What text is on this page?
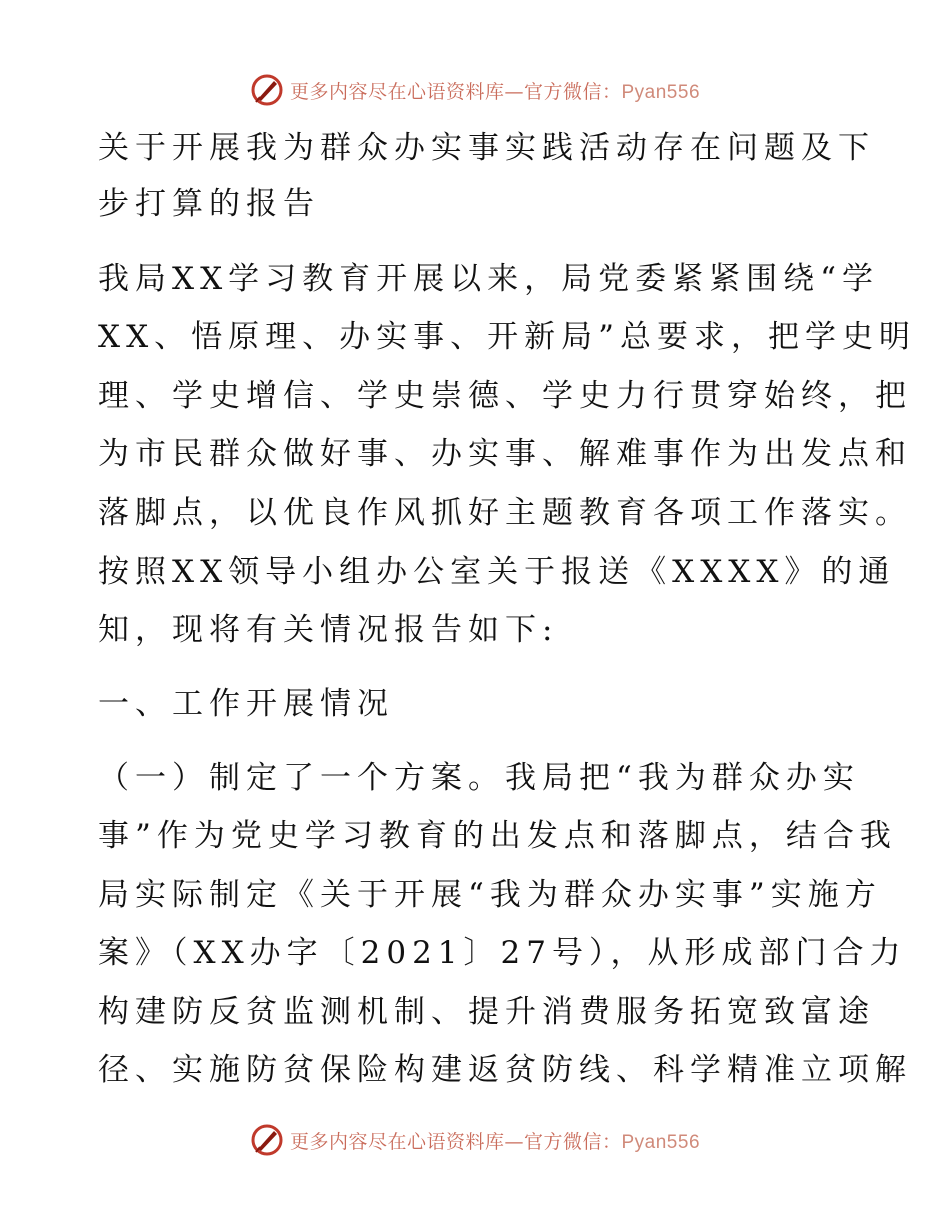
更多内容尽在心语资料库—官方微信：Pyan556
关于开展我为群众办实事实践活动存在问题及下
步打算的报告
我局XX学习教育开展以来，局党委紧紧围绕“学
XX、悟原理、办实事、开新局”总要求，把学史明
理、学史增信、学史崇德、学史力行贯穿始终，把
为市民群众做好事、办实事、解难事作为出发点和
落脚点，以优良作风抓好主题教育各项工作落实。
按照XX领导小组办公室关于报送《XXXX》的通
知，现将有关情况报告如下:
一、工作开展情况
（一）制定了一个方案。我局把“我为群众办实
事”作为党史学习教育的出发点和落脚点，结合我
局实际制定《关于开展“我为群众办实事”实施方
案》（XX办字〔2021〕27号），从形成部门合力
构建防反贫监测机制、提升消费服务拓宽致富途
径、实施防贫保险构建返贫防线、科学精准立项解
更多内容尽在心语资料库—官方微信：Pyan556
